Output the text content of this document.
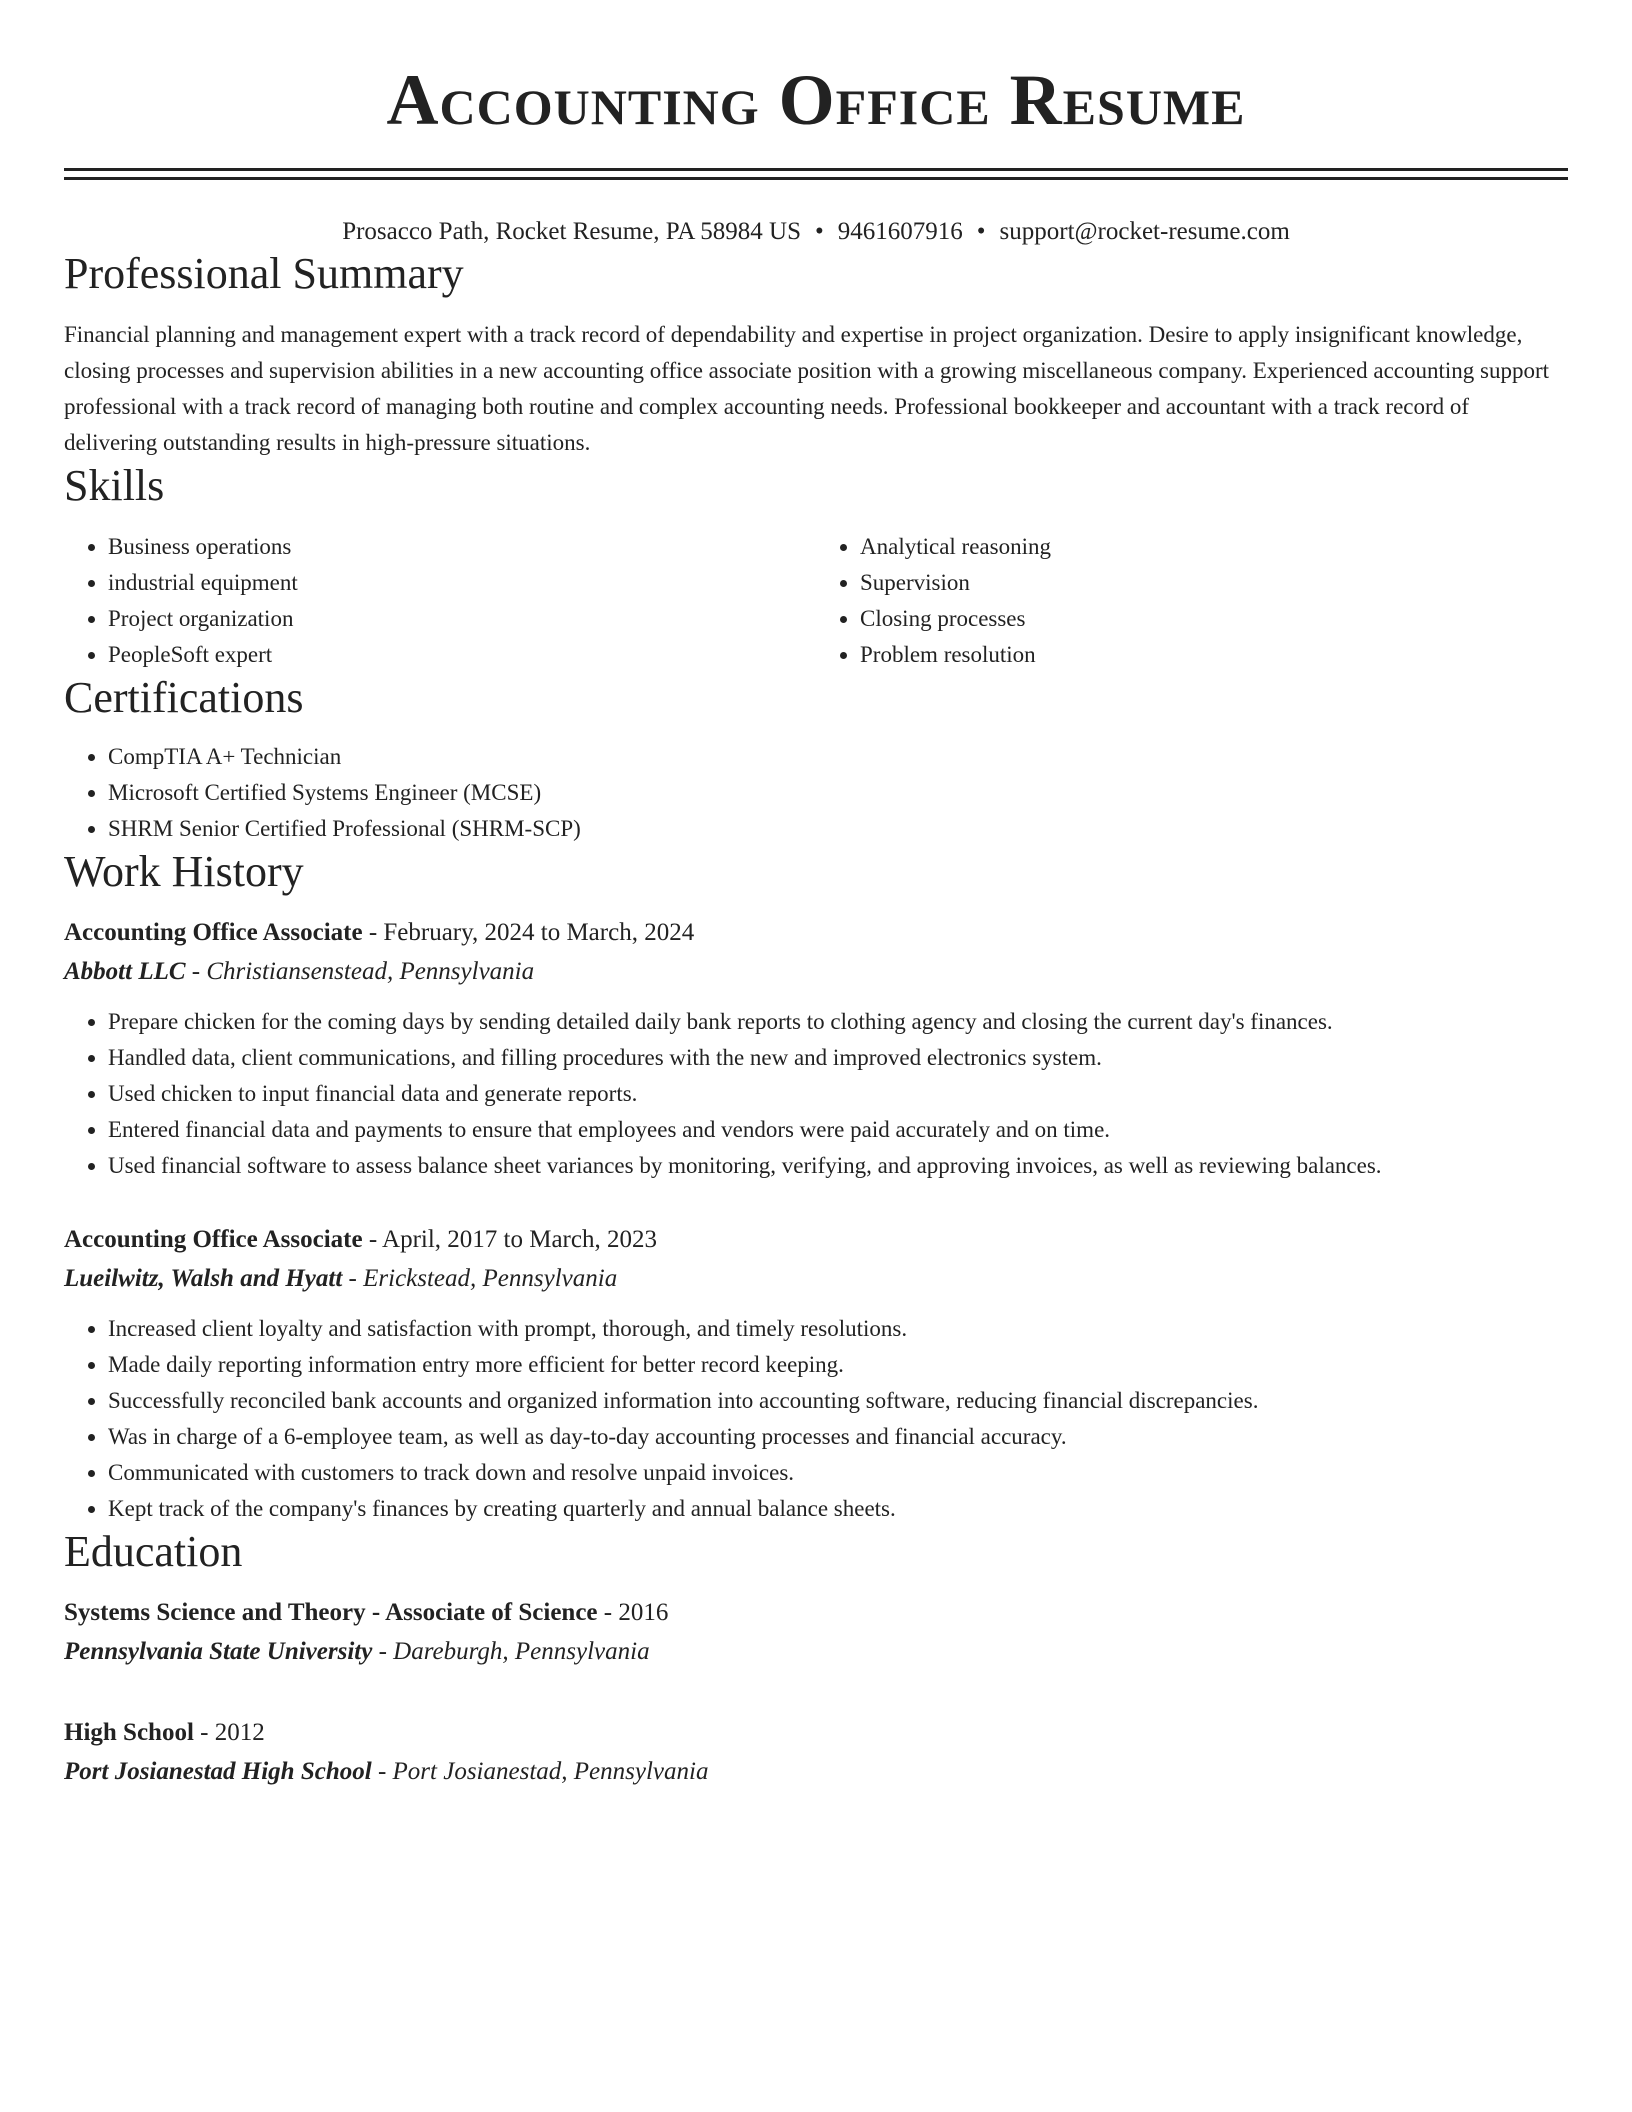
Accounting Office Resume
Prosacco Path, Rocket Resume, PA 58984 US • 9461607916 • support@rocket-resume.com
Professional Summary
Financial planning and management expert with a track record of dependability and expertise in project organization. Desire to apply insignificant knowledge, closing processes and supervision abilities in a new accounting office associate position with a growing miscellaneous company. Experienced accounting support professional with a track record of managing both routine and complex accounting needs. Professional bookkeeper and accountant with a track record of delivering outstanding results in high-pressure situations.
Skills
• Business operations
• industrial equipment
• Project organization
• PeopleSoft expert
• Analytical reasoning
• Supervision
• Closing processes
• Problem resolution
Certifications
• CompTIA A+ Technician
• Microsoft Certified Systems Engineer (MCSE)
• SHRM Senior Certified Professional (SHRM-SCP)
Work History
Accounting Office Associate - February, 2024 to March, 2024
Abbott LLC - Christiansenstead, Pennsylvania
• Prepare chicken for the coming days by sending detailed daily bank reports to clothing agency and closing the current day's finances.
• Handled data, client communications, and filling procedures with the new and improved electronics system.
• Used chicken to input financial data and generate reports.
• Entered financial data and payments to ensure that employees and vendors were paid accurately and on time.
• Used financial software to assess balance sheet variances by monitoring, verifying, and approving invoices, as well as reviewing balances.
Accounting Office Associate - April, 2017 to March, 2023
Lueilwitz, Walsh and Hyatt - Erickstead, Pennsylvania
• Increased client loyalty and satisfaction with prompt, thorough, and timely resolutions.
• Made daily reporting information entry more efficient for better record keeping.
• Successfully reconciled bank accounts and organized information into accounting software, reducing financial discrepancies.
• Was in charge of a 6-employee team, as well as day-to-day accounting processes and financial accuracy.
• Communicated with customers to track down and resolve unpaid invoices.
• Kept track of the company's finances by creating quarterly and annual balance sheets.
Education
Systems Science and Theory - Associate of Science - 2016
Pennsylvania State University - Dareburgh, Pennsylvania
High School - 2012
Port Josianestad High School - Port Josianestad, Pennsylvania
